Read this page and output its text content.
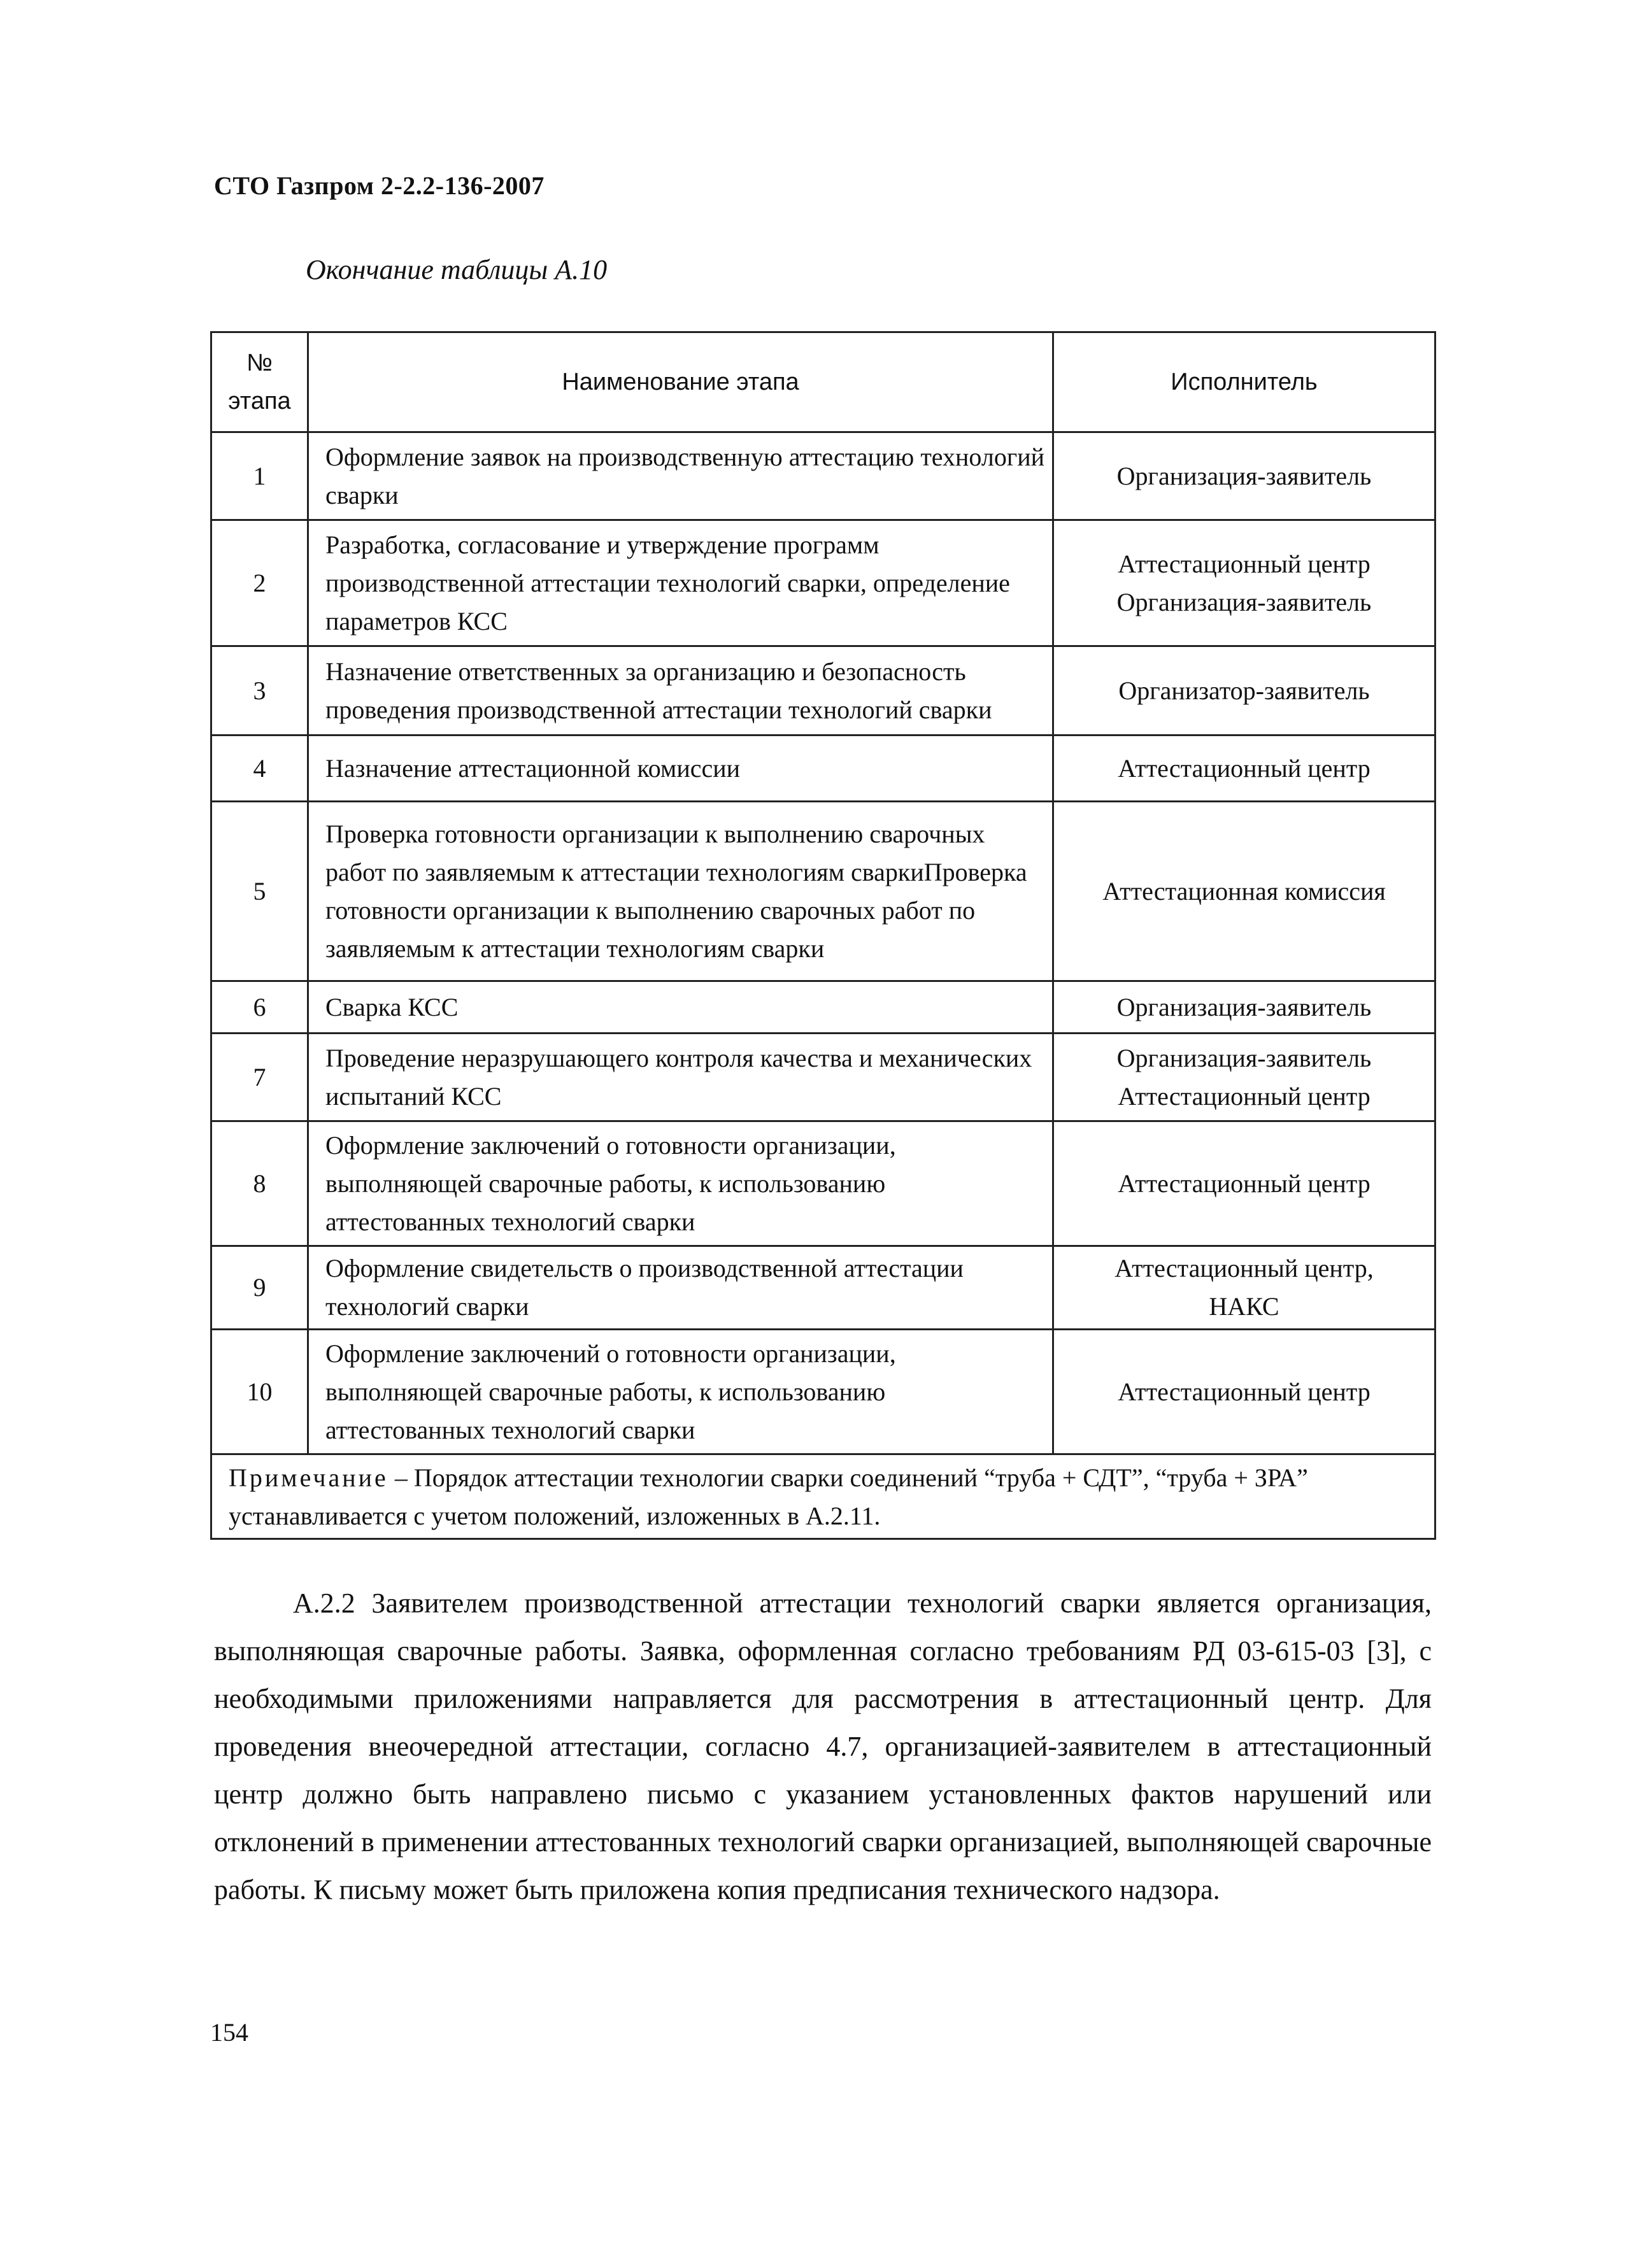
СТО Газпром 2-2.2-136-2007
Окончание таблицы А.10
№
этапа	Наименование этапа	Исполнитель
1	Оформление заявок на производственную аттестацию технологий сварки	Организация-заявитель

2	Разработка, согласование и утверждение программ производственной аттестации технологий сварки, определение параметров КСС	Аттестационный центр
Организация-заявитель

3	Назначение ответственных за организацию и безопасность проведения производственной аттестации технологий сварки	Организатор-заявитель

4	Назначение аттестационной комиссии	Аттестационный центр

5	Проверка готовности организации к выполнению сварочных работ по заявляемым к аттестации технологиям сваркиПроверка готовности организации к выполнению сварочных работ по заявляемым к аттестации технологиям сварки	Аттестационная комиссия

6	Сварка КСС	Организация-заявитель

7	Проведение неразрушающего контроля качества и механических испытаний КСС	Организация-заявитель
Аттестационный центр

8	Оформление заключений о готовности организации, выполняющей сварочные работы, к использованию аттестованных технологий сварки	Аттестационный центр

9	Оформление свидетельств о производственной аттестации технологий сварки	Аттестационный центр,
НАКС

10	Оформление заключений о готовности организации, выполняющей сварочные работы, к использованию аттестованных технологий сварки	Аттестационный центр

Примечание – Порядок аттестации технологии сварки соединений “труба + СДТ”, “труба + ЗРА” устанавливается с учетом положений, изложенных в А.2.11.		
А.2.2 Заявителем производственной аттестации технологий сварки является организация, выполняющая сварочные работы. Заявка, оформленная согласно требованиям РД 03-615-03 [3], с необходимыми приложениями направляется для рассмотрения в аттестационный центр. Для проведения внеочередной аттестации, согласно 4.7, организацией-заявителем в аттестационный центр должно быть направлено письмо с указанием установленных фактов нарушений или отклонений в применении аттестованных технологий сварки организацией, выполняющей сварочные работы. К письму может быть приложена копия предписания технического надзора.
154
